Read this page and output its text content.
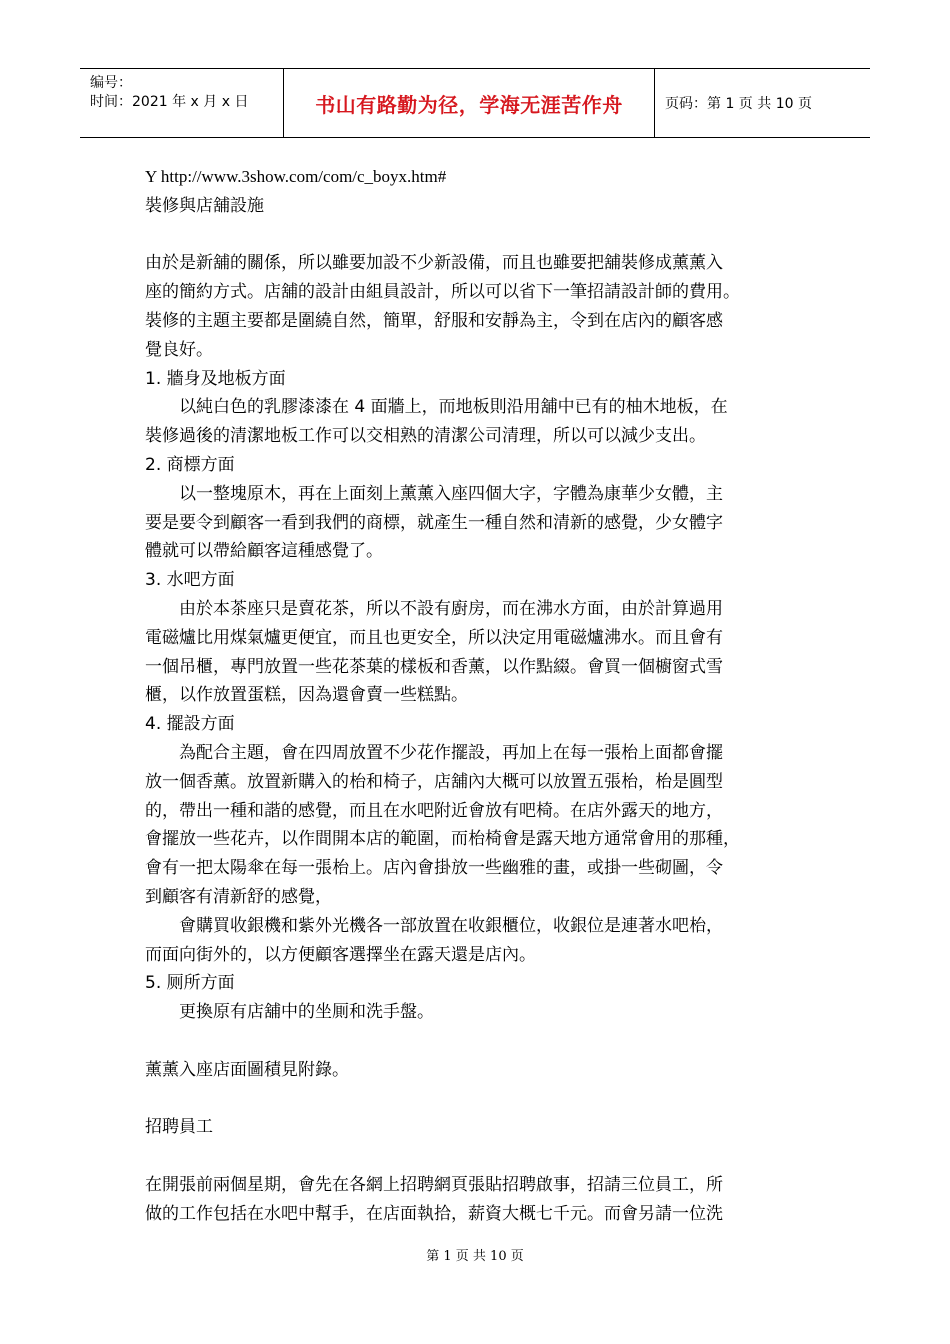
编号：
时间：2021 年 x 月 x 日	书山有路勤为径，学海无涯苦作舟	页码：第 1 页 共 10 页

Y http://www.3show.com/com/c_boyx.htm#

裝修與店舖設施

由於是新舖的關係，所以雖要加設不少新設備，而且也雖要把舖裝修成薰薰入

座的簡約方式。店舖的設計由組員設計，所以可以省下一筆招請設計師的費用。

裝修的主題主要都是圍繞自然，簡單，舒服和安靜為主，令到在店內的顧客感

覺良好。

1. 牆身及地板方面

以純白色的乳膠漆漆在 4 面牆上，而地板則沿用舖中已有的柚木地板，在

裝修過後的清潔地板工作可以交相熟的清潔公司清理，所以可以減少支出。

2. 商標方面

以一整塊原木，再在上面刻上薰薰入座四個大字，字體為康華少女體，主

要是要令到顧客一看到我們的商標，就產生一種自然和清新的感覺，少女體字

體就可以帶給顧客這種感覺了。

3. 水吧方面

由於本茶座只是賣花茶，所以不設有廚房，而在沸水方面，由於計算過用

電磁爐比用煤氣爐更便宜，而且也更安全，所以決定用電磁爐沸水。而且會有

一個吊櫃，專門放置一些花茶葉的樣板和香薰，以作點綴。會買一個櫥窗式雪

櫃，以作放置蛋糕，因為還會賣一些糕點。

4. 擺設方面

為配合主題，會在四周放置不少花作擺設，再加上在每一張枱上面都會擺

放一個香薰。放置新購入的枱和椅子，店舖內大概可以放置五張枱，枱是圓型

的，帶出一種和諧的感覺，而且在水吧附近會放有吧椅。在店外露天的地方，

會擺放一些花卉，以作間開本店的範圍，而枱椅會是露天地方通常會用的那種，

會有一把太陽傘在每一張枱上。店內會掛放一些幽雅的畫，或掛一些砌圖，令

到顧客有清新舒的感覺，

會購買收銀機和紫外光機各一部放置在收銀櫃位，收銀位是連著水吧枱，

而面向街外的，以方便顧客選擇坐在露天還是店內。

5. 厕所方面

更換原有店舖中的坐厠和洗手盤。

薰薰入座店面圖積見附錄。

招聘員工

在開張前兩個星期，會先在各網上招聘網頁張貼招聘啟事，招請三位員工，所

做的工作包括在水吧中幫手，在店面執拾，薪資大概七千元。而會另請一位洗

第 1 页 共 10 页
